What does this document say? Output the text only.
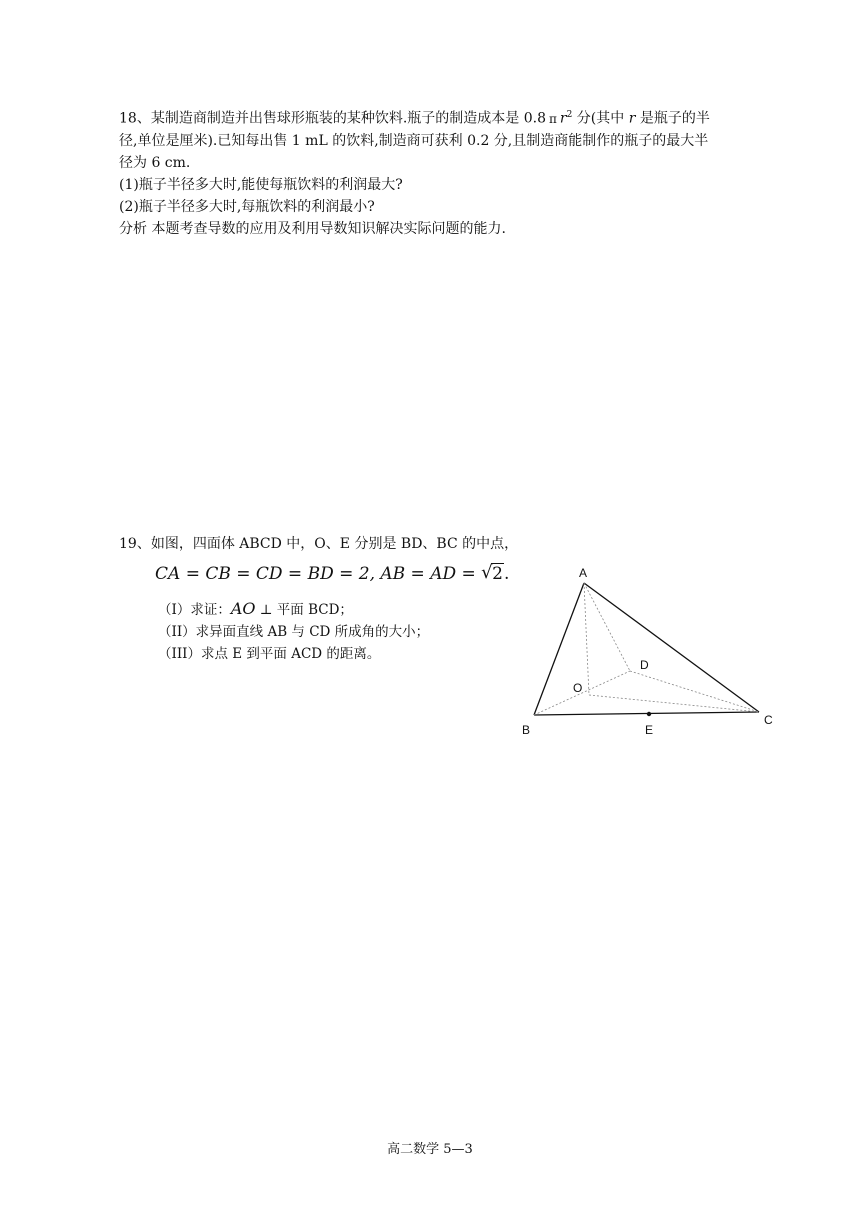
18、某制造商制造并出售球形瓶装的某种饮料.瓶子的制造成本是 0.8 π $r^2$ 分(其中 r 是瓶子的半
径,单位是厘米).已知每出售 1 mL 的饮料,制造商可获利 0.2 分,且制造商能制作的瓶子的最大半
径为 6 cm.
(1)瓶子半径多大时,能使每瓶饮料的利润最大?
(2)瓶子半径多大时,每瓶饮料的利润最小?
分析 本题考查导数的应用及利用导数知识解决实际问题的能力.
19、如图，四面体 ABCD 中，O、E 分别是 BD、BC 的中点，
CA = CB = CD = BD = 2, AB = AD = √ 2.
（I）求证：AO ⊥ 平面 BCD；
（II）求异面直线 AB 与 CD 所成角的大小；
（III）求点 E 到平面 ACD 的距离。
A
B
C
D
O
E
高二数学 5—3
